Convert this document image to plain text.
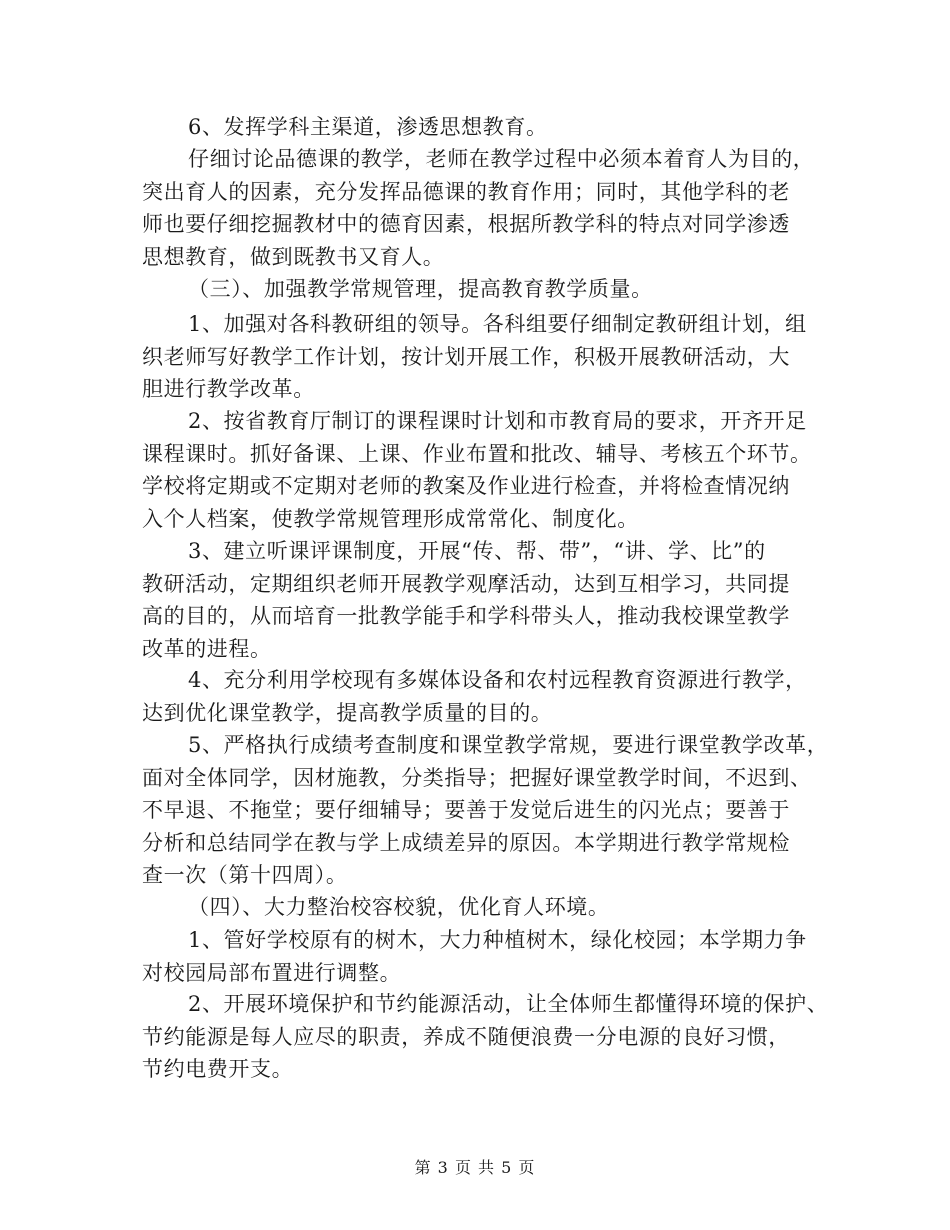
6、发挥学科主渠道，渗透思想教育。
仔细讨论品德课的教学，老师在教学过程中必须本着育人为目的，
突出育人的因素，充分发挥品德课的教育作用；同时，其他学科的老
师也要仔细挖掘教材中的德育因素，根据所教学科的特点对同学渗透
思想教育，做到既教书又育人。
（三）、加强教学常规管理，提高教育教学质量。
1、加强对各科教研组的领导。各科组要仔细制定教研组计划，组
织老师写好教学工作计划，按计划开展工作，积极开展教研活动，大
胆进行教学改革。
2、按省教育厅制订的课程课时计划和市教育局的要求，开齐开足
课程课时。抓好备课、上课、作业布置和批改、辅导、考核五个环节。
学校将定期或不定期对老师的教案及作业进行检查，并将检查情况纳
入个人档案，使教学常规管理形成常常化、制度化。
3、建立听课评课制度，开展“传、帮、带”，“讲、学、比”的
教研活动，定期组织老师开展教学观摩活动，达到互相学习，共同提
高的目的，从而培育一批教学能手和学科带头人，推动我校课堂教学
改革的进程。
4、充分利用学校现有多媒体设备和农村远程教育资源进行教学，
达到优化课堂教学，提高教学质量的目的。
5、严格执行成绩考查制度和课堂教学常规，要进行课堂教学改革，
面对全体同学，因材施教，分类指导；把握好课堂教学时间，不迟到、
不早退、不拖堂；要仔细辅导；要善于发觉后进生的闪光点；要善于
分析和总结同学在教与学上成绩差异的原因。本学期进行教学常规检
查一次（第十四周）。
（四）、大力整治校容校貌，优化育人环境。
1、管好学校原有的树木，大力种植树木，绿化校园；本学期力争
对校园局部布置进行调整。
2、开展环境保护和节约能源活动，让全体师生都懂得环境的保护、
节约能源是每人应尽的职责，养成不随便浪费一分电源的良好习惯，
节约电费开支。
第 3 页 共 5 页
